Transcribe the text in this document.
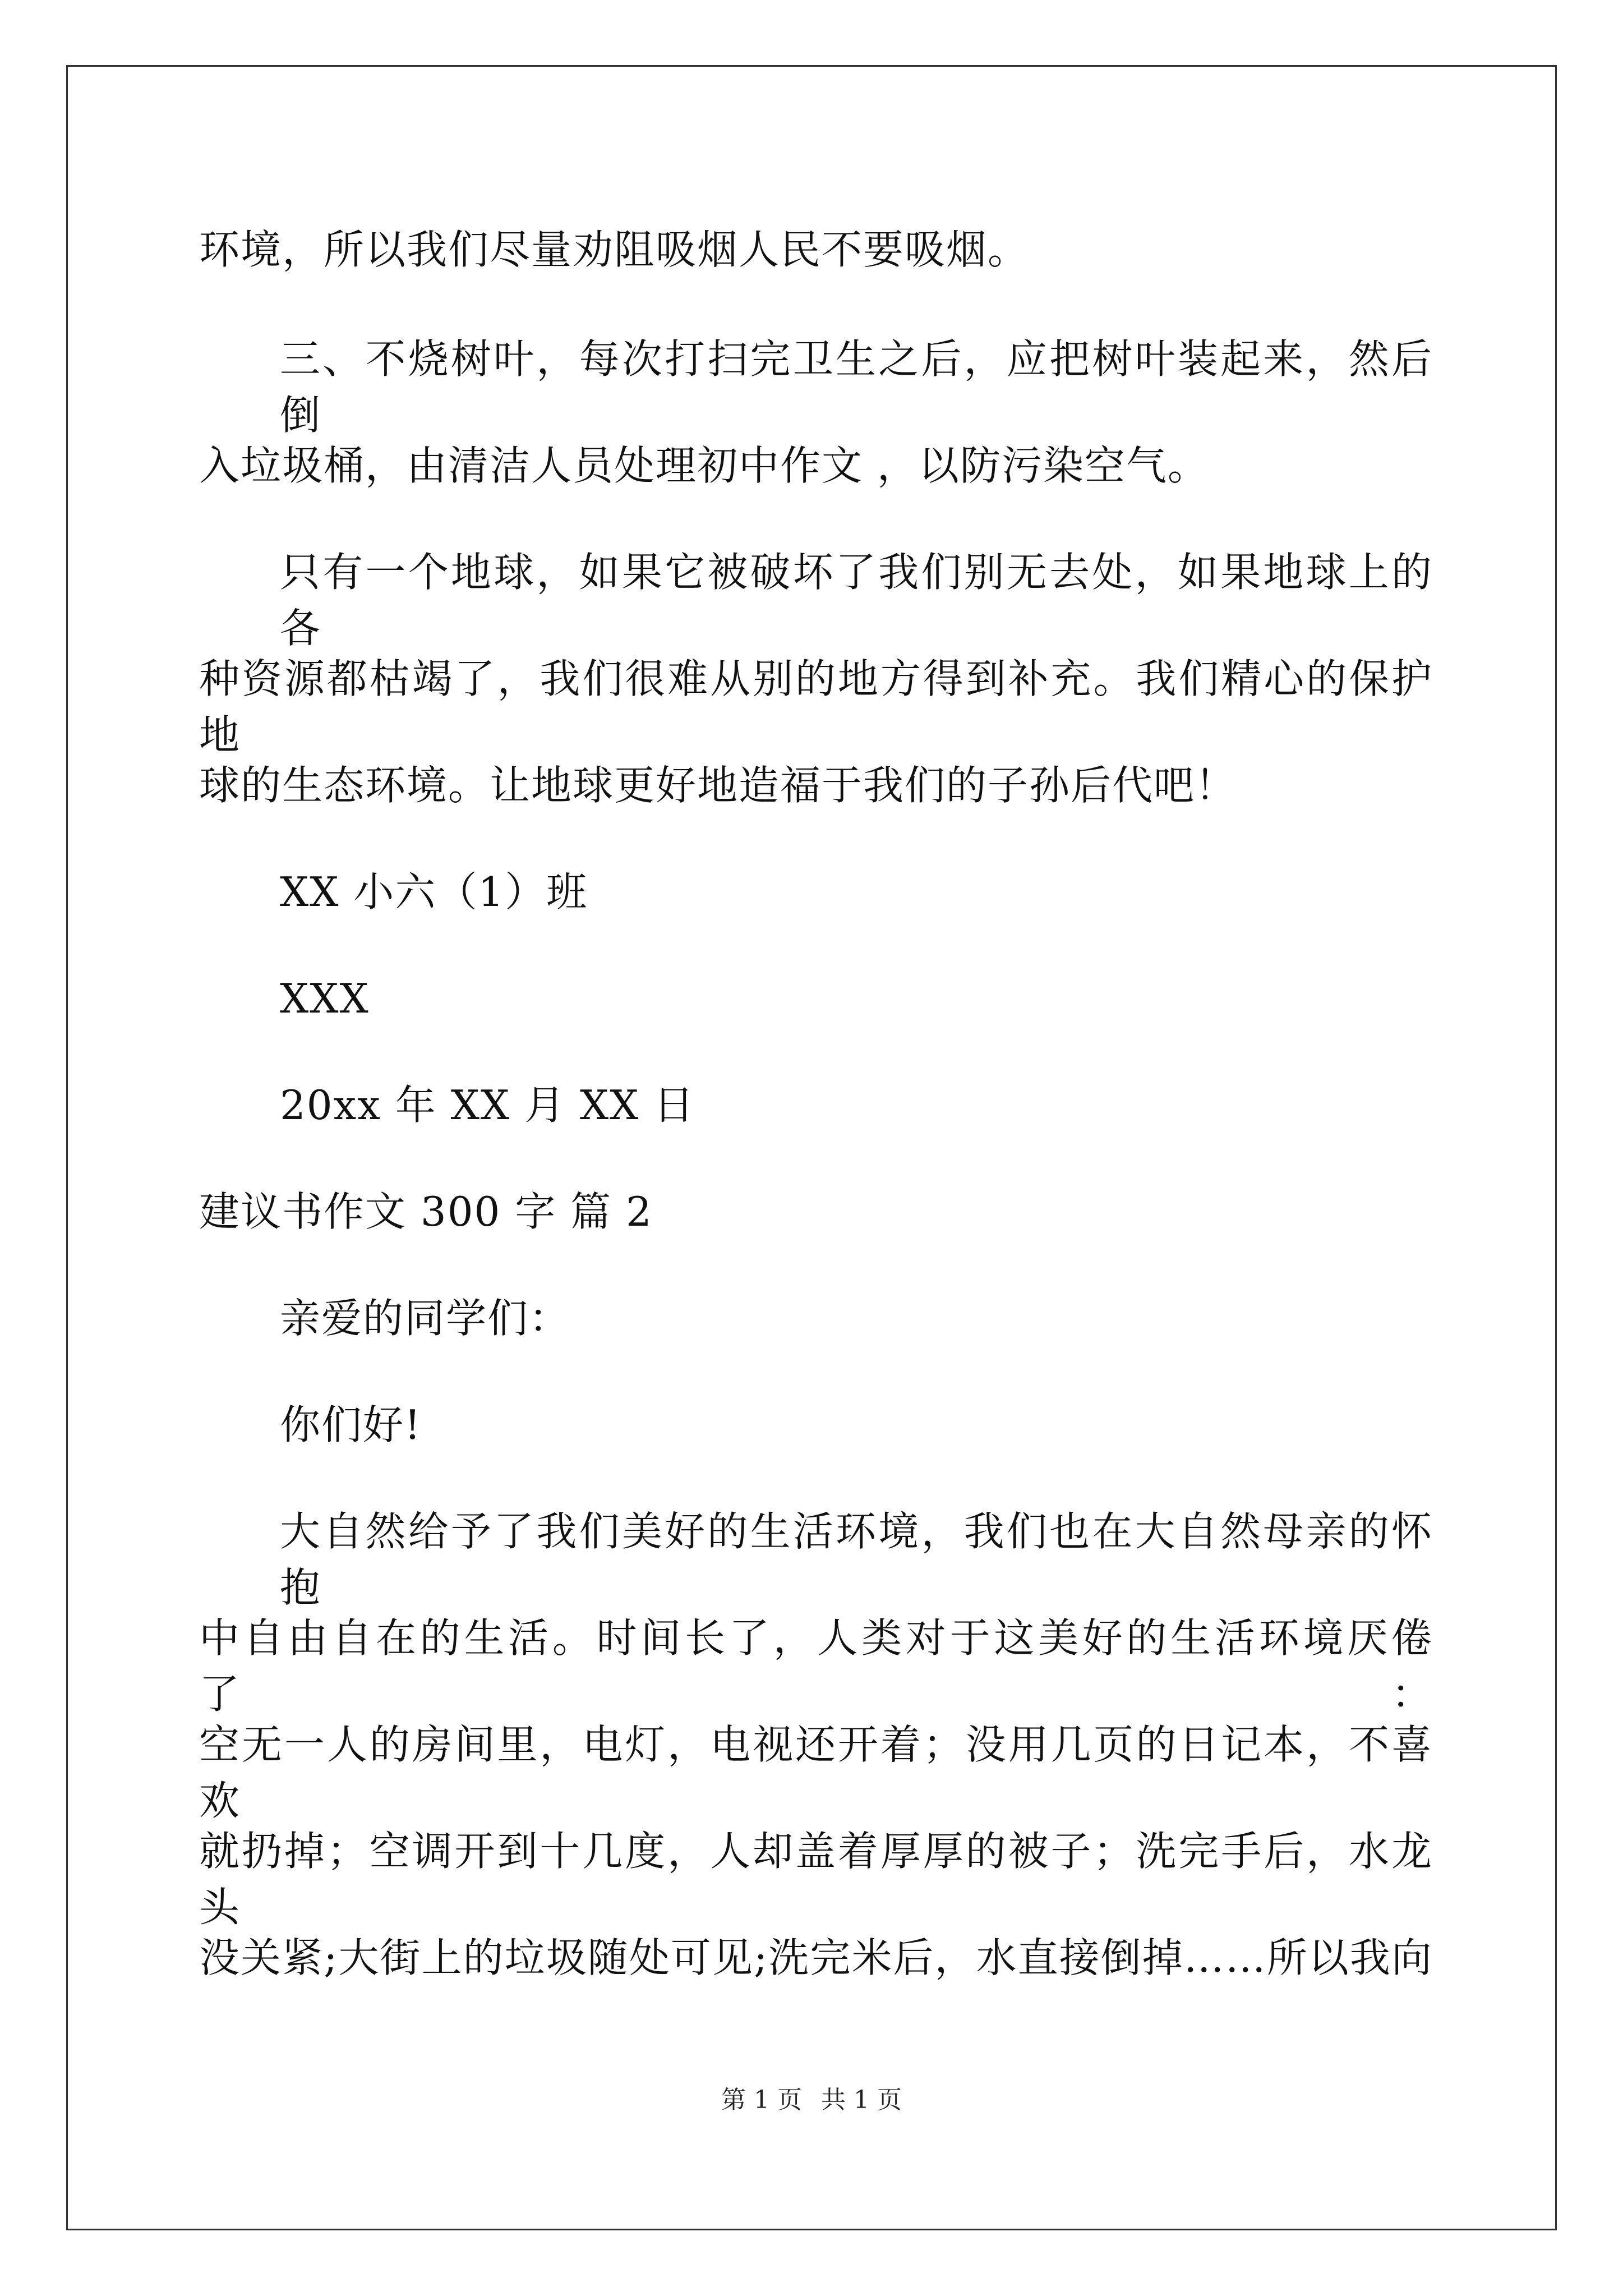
环境，所以我们尽量劝阻吸烟人民不要吸烟。
三、不烧树叶，每次打扫完卫生之后，应把树叶装起来，然后倒
入垃圾桶，由清洁人员处理初中作文 ，以防污染空气。
只有一个地球，如果它被破坏了我们别无去处，如果地球上的各
种资源都枯竭了，我们很难从别的地方得到补充。我们精心的保护地
球的生态环境。让地球更好地造福于我们的子孙后代吧！
XX 小六（1）班
XXX
20xx 年 XX 月 XX 日
建议书作文 300 字 篇 2
亲爱的同学们：
你们好!
大自然给予了我们美好的生活环境，我们也在大自然母亲的怀抱
中自由自在的生活。时间长了，人类对于这美好的生活环境厌倦了：
空无一人的房间里，电灯，电视还开着；没用几页的日记本，不喜欢
就扔掉；空调开到十几度，人却盖着厚厚的被子；洗完手后，水龙头
没关紧;大街上的垃圾随处可见;洗完米后，水直接倒掉……所以我向
第 1 页 共 1 页
